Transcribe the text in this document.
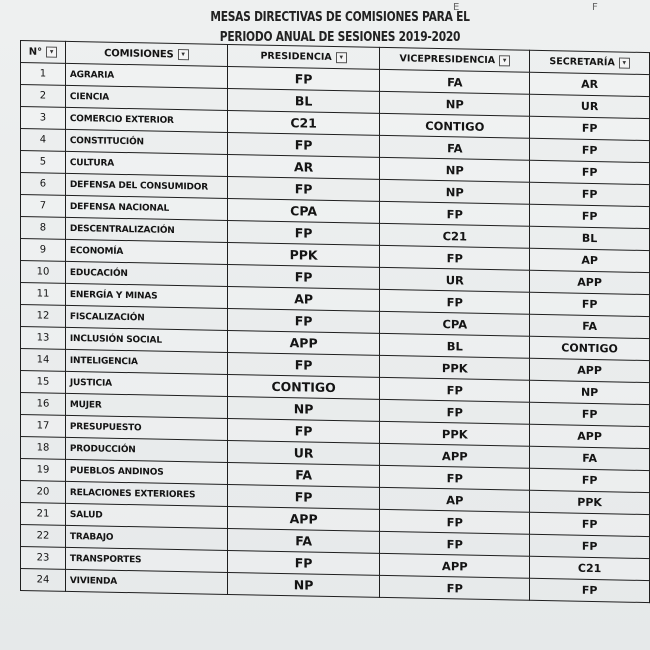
E	F
MESAS DIRECTIVAS DE COMISIONES PARA EL
PERIODO ANUAL DE SESIONES 2019-2020
N° ▾	COMISIONES ▾	PRESIDENCIA ▾	VICEPRESIDENCIA ▾	SECRETARÍA ▾
1	AGRARIA	FP	FA	AR
2	CIENCIA	BL	NP	UR
3	COMERCIO EXTERIOR	C21	CONTIGO	FP
4	CONSTITUCIÓN	FP	FA	FP
5	CULTURA	AR	NP	FP
6	DEFENSA DEL CONSUMIDOR	FP	NP	FP
7	DEFENSA NACIONAL	CPA	FP	FP
8	DESCENTRALIZACIÓN	FP	C21	BL
9	ECONOMÍA	PPK	FP	AP
10	EDUCACIÓN	FP	UR	APP
11	ENERGÍA Y MINAS	AP	FP	FP
12	FISCALIZACIÓN	FP	CPA	FA
13	INCLUSIÓN SOCIAL	APP	BL	CONTIGO
14	INTELIGENCIA	FP	PPK	APP
15	JUSTICIA	CONTIGO	FP	NP
16	MUJER	NP	FP	FP
17	PRESUPUESTO	FP	PPK	APP
18	PRODUCCIÓN	UR	APP	FA
19	PUEBLOS ANDINOS	FA	FP	FP
20	RELACIONES EXTERIORES	FP	AP	PPK
21	SALUD	APP	FP	FP
22	TRABAJO	FA	FP	FP
23	TRANSPORTES	FP	APP	C21
24	VIVIENDA	NP	FP	FP
